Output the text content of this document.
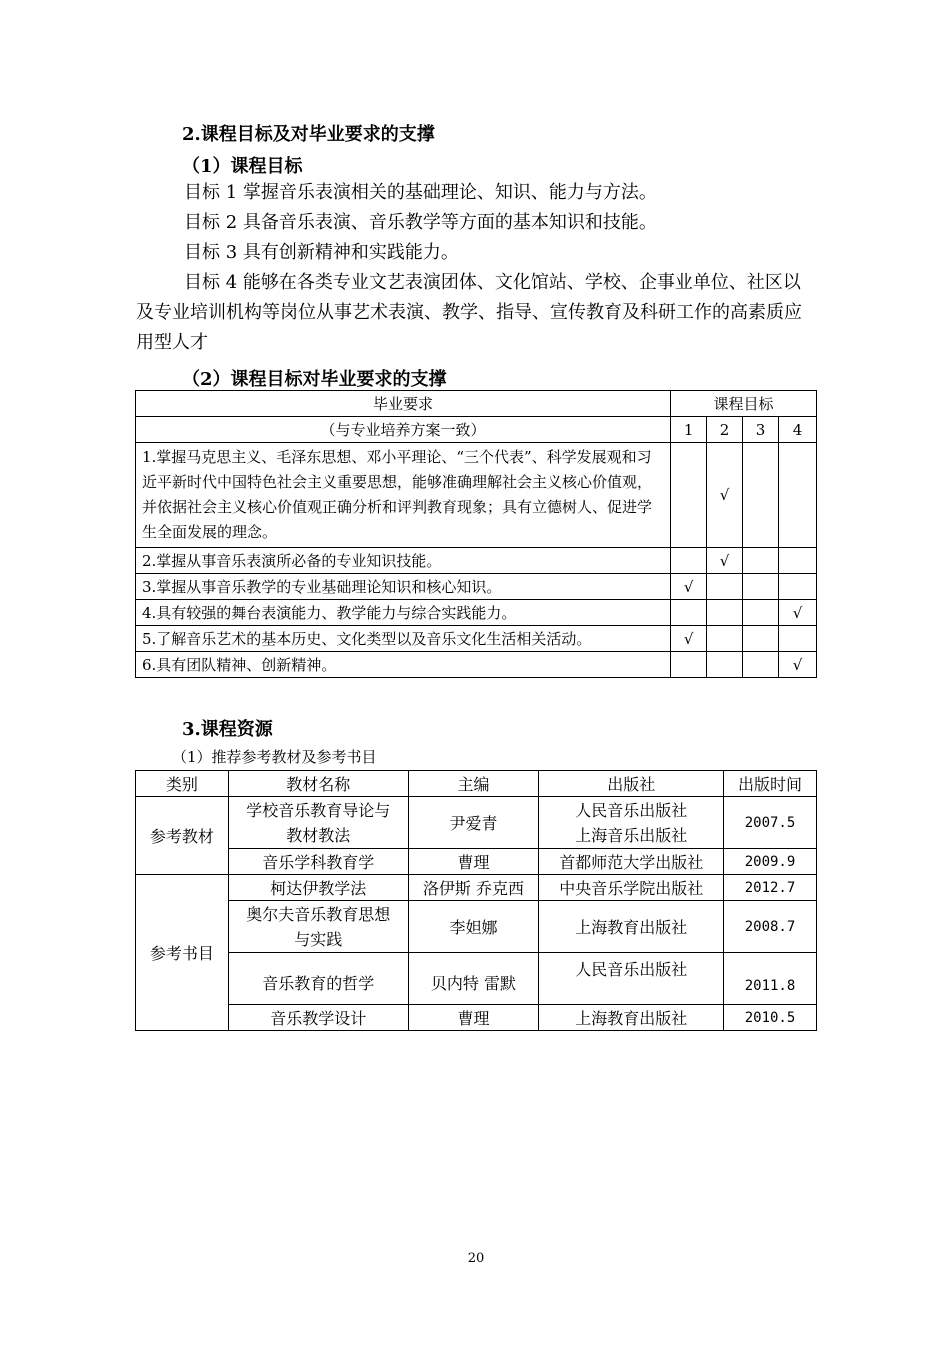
2.课程目标及对毕业要求的支撑
（1）课程目标
目标 1 掌握音乐表演相关的基础理论、知识、能力与方法。
目标 2 具备音乐表演、音乐教学等方面的基本知识和技能。
目标 3 具有创新精神和实践能力。
目标 4 能够在各类专业文艺表演团体、文化馆站、学校、企事业单位、社区以及专业培训机构等岗位从事艺术表演、教学、指导、宣传教育及科研工作的高素质应用型人才
（2）课程目标对毕业要求的支撑
毕业要求	课程目标			
（与专业培养方案一致）	1	2	3	4
1.掌握马克思主义、毛泽东思想、邓小平理论、“三个代表”、科学发展观和习近平新时代中国特色社会主义重要思想，能够准确理解社会主义核心价值观，并依据社会主义核心价值观正确分析和评判教育现象；具有立德树人、促进学生全面发展的理念。		√		
2.掌握从事音乐表演所必备的专业知识技能。		√		
3.掌握从事音乐教学的专业基础理论知识和核心知识。	√			
4.具有较强的舞台表演能力、教学能力与综合实践能力。				√
5.了解音乐艺术的基本历史、文化类型以及音乐文化生活相关活动。	√			
6.具有团队精神、创新精神。				√
3.课程资源
（1）推荐参考教材及参考书目
类别	教材名称	主编	出版社	出版时间
参考教材	学校音乐教育导论与教材教法	尹爱青	人民音乐出版社
上海音乐出版社	2007.5
	音乐学科教育学	曹理	首都师范大学出版社	2009.9
参考书目	柯达伊教学法	洛伊斯 乔克西	中央音乐学院出版社	2012.7
	奥尔夫音乐教育思想与实践	李妲娜	上海教育出版社	2008.7
	音乐教育的哲学	贝内特 雷默	人民音乐出版社	2011.8
	音乐教学设计	曹理	上海教育出版社	2010.5
20
